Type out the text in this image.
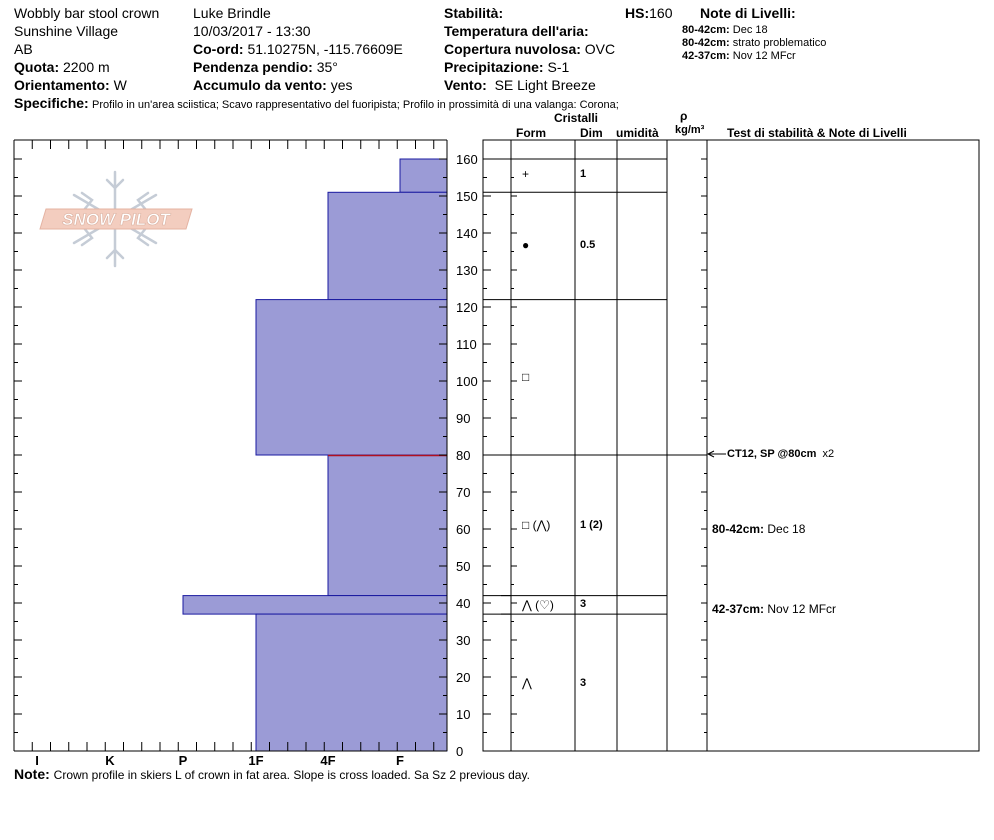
Wobbly bar stool crown
Sunshine Village
AB
Quota: 2200 m
Orientamento: W
Luke Brindle
10/03/2017 - 13:30
Co-ord: 51.10275N, -115.76609E
Pendenza pendio: 35°
Accumulo da vento: yes
Stabilità:
Temperatura dell'aria:
Copertura nuvolosa: OVC
Precipitazione: S-1
Vento: SE Light Breeze
HS:160 Note di Livelli:
80-42cm: Dec 18
80-42cm: strato problematico
42-37cm: Nov 12 MFcr
Specifiche: Profilo in un'area sciistica; Scavo rappresentativo del fuoripista; Profilo in prossimità di una valanga: Corona;
Cristalli	ρ
Form	Dim umidità kg/m³ Test di stabilità & Note di Livelli
SNOW PILOT
160
150
140
130
120
110
100
90
80
70
60
50
40
30
20
10
0
I	K	P	1F	4F	F
+	1
●	0.5
□
□ (⋀)	1 (2)
⋀ (♡) 3
⋀	3
CT12, SP @80cm x2
80-42cm: Dec 18
42-37cm: Nov 12 MFcr
Note: Crown profile in skiers L of crown in fat area. Slope is cross loaded. Sa Sz 2 previous day.
